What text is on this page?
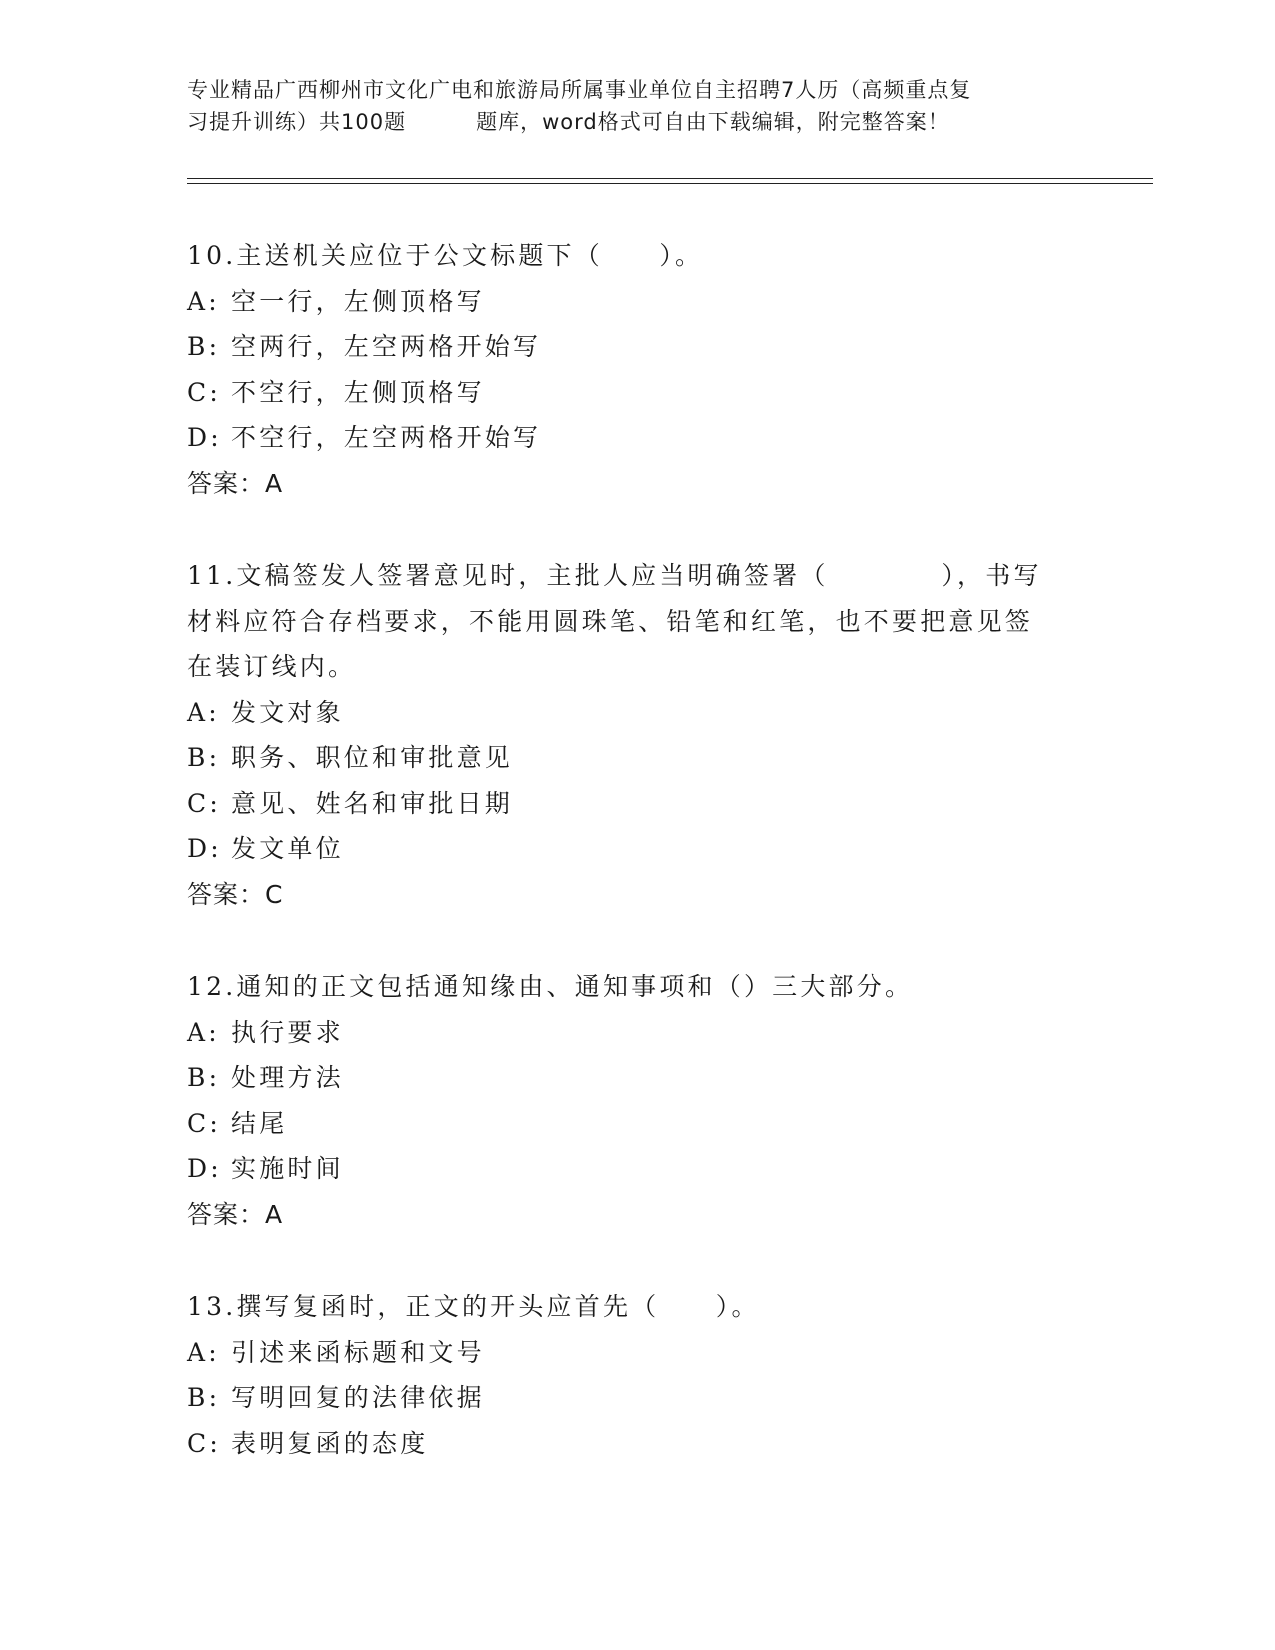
专业精品广西柳州市文化广电和旅游局所属事业单位自主招聘7人历（高频重点复
习提升训练）共100题	题库，word格式可自由下载编辑，附完整答案！
10.主送机关应位于公文标题下（　　）。
A: 空一行，左侧顶格写
B: 空两行，左空两格开始写
C: 不空行，左侧顶格写
D: 不空行，左空两格开始写
答案：A
11.文稿签发人签署意见时，主批人应当明确签署（　　　　），书写
材料应符合存档要求，不能用圆珠笔、铅笔和红笔，也不要把意见签
在装订线内。
A: 发文对象
B: 职务、职位和审批意见
C: 意见、姓名和审批日期
D: 发文单位
答案：C
12.通知的正文包括通知缘由、通知事项和（）三大部分。
A: 执行要求
B: 处理方法
C: 结尾
D: 实施时间
答案：A
13.撰写复函时，正文的开头应首先（　　）。
A: 引述来函标题和文号
B: 写明回复的法律依据
C: 表明复函的态度
